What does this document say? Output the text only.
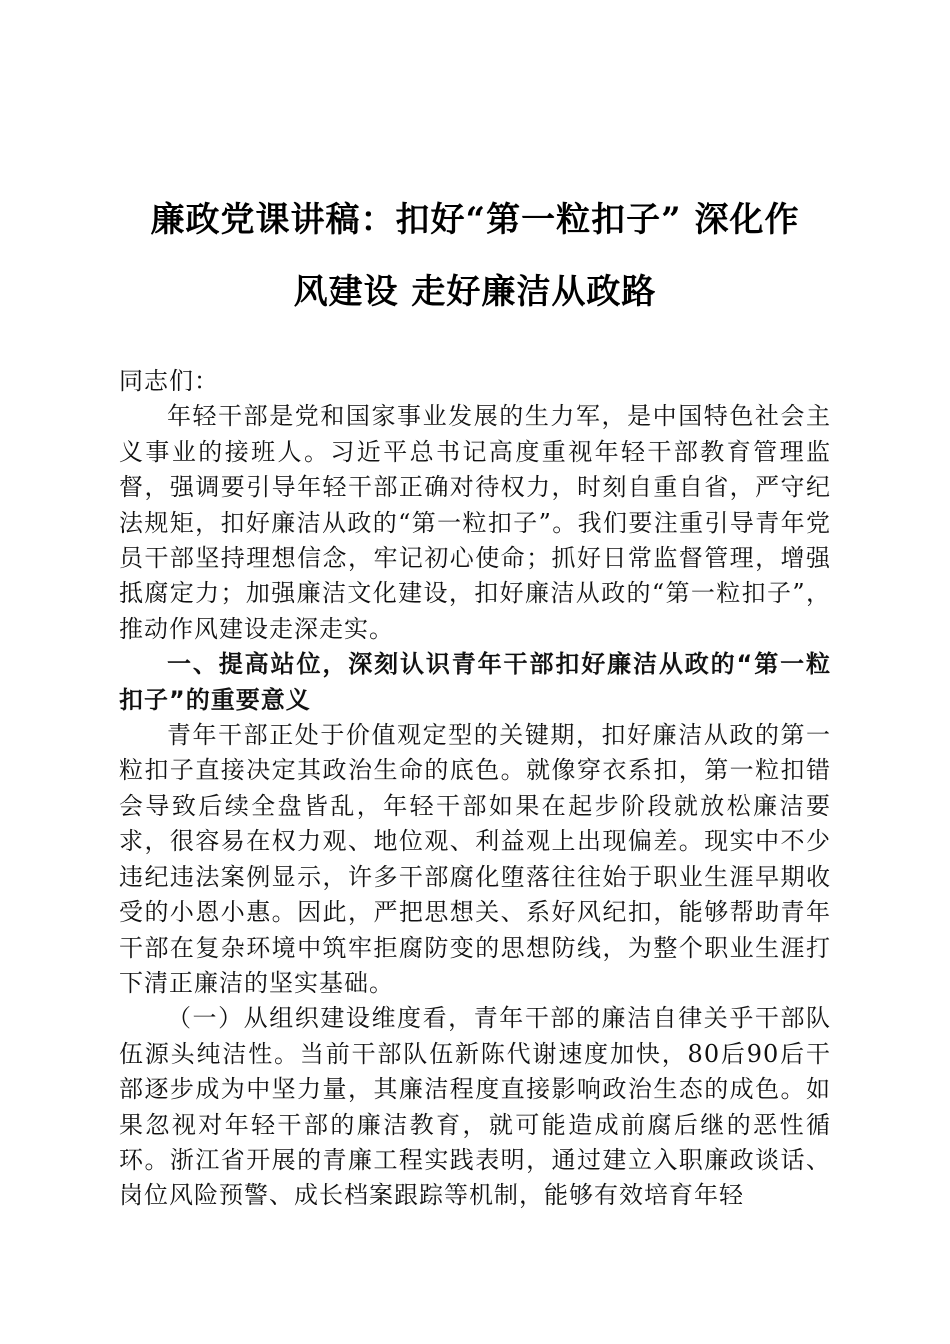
廉政党课讲稿：扣好“第一粒扣子” 深化作
风建设 走好廉洁从政路

同志们：

年轻干部是党和国家事业发展的生力军，是中国特色社会主义事业的接班人。习近平总书记高度重视年轻干部教育管理监督，强调要引导年轻干部正确对待权力，时刻自重自省，严守纪法规矩，扣好廉洁从政的“第一粒扣子”。我们要注重引导青年党员干部坚持理想信念，牢记初心使命；抓好日常监督管理，增强抵腐定力；加强廉洁文化建设，扣好廉洁从政的“第一粒扣子”，推动作风建设走深走实。

一、提高站位，深刻认识青年干部扣好廉洁从政的“第一粒扣子”的重要意义

青年干部正处于价值观定型的关键期，扣好廉洁从政的第一粒扣子直接决定其政治生命的底色。就像穿衣系扣，第一粒扣错会导致后续全盘皆乱，年轻干部如果在起步阶段就放松廉洁要求，很容易在权力观、地位观、利益观上出现偏差。现实中不少违纪违法案例显示，许多干部腐化堕落往往始于职业生涯早期收受的小恩小惠。因此，严把思想关、系好风纪扣，能够帮助青年干部在复杂环境中筑牢拒腐防变的思想防线，为整个职业生涯打下清正廉洁的坚实基础。

（一）从组织建设维度看，青年干部的廉洁自律关乎干部队伍源头纯洁性。当前干部队伍新陈代谢速度加快，80后90后干部逐步成为中坚力量，其廉洁程度直接影响政治生态的成色。如果忽视对年轻干部的廉洁教育，就可能造成前腐后继的恶性循环。浙江省开展的青廉工程实践表明，通过建立入职廉政谈话、岗位风险预警、成长档案跟踪等机制，能够有效培育年轻
